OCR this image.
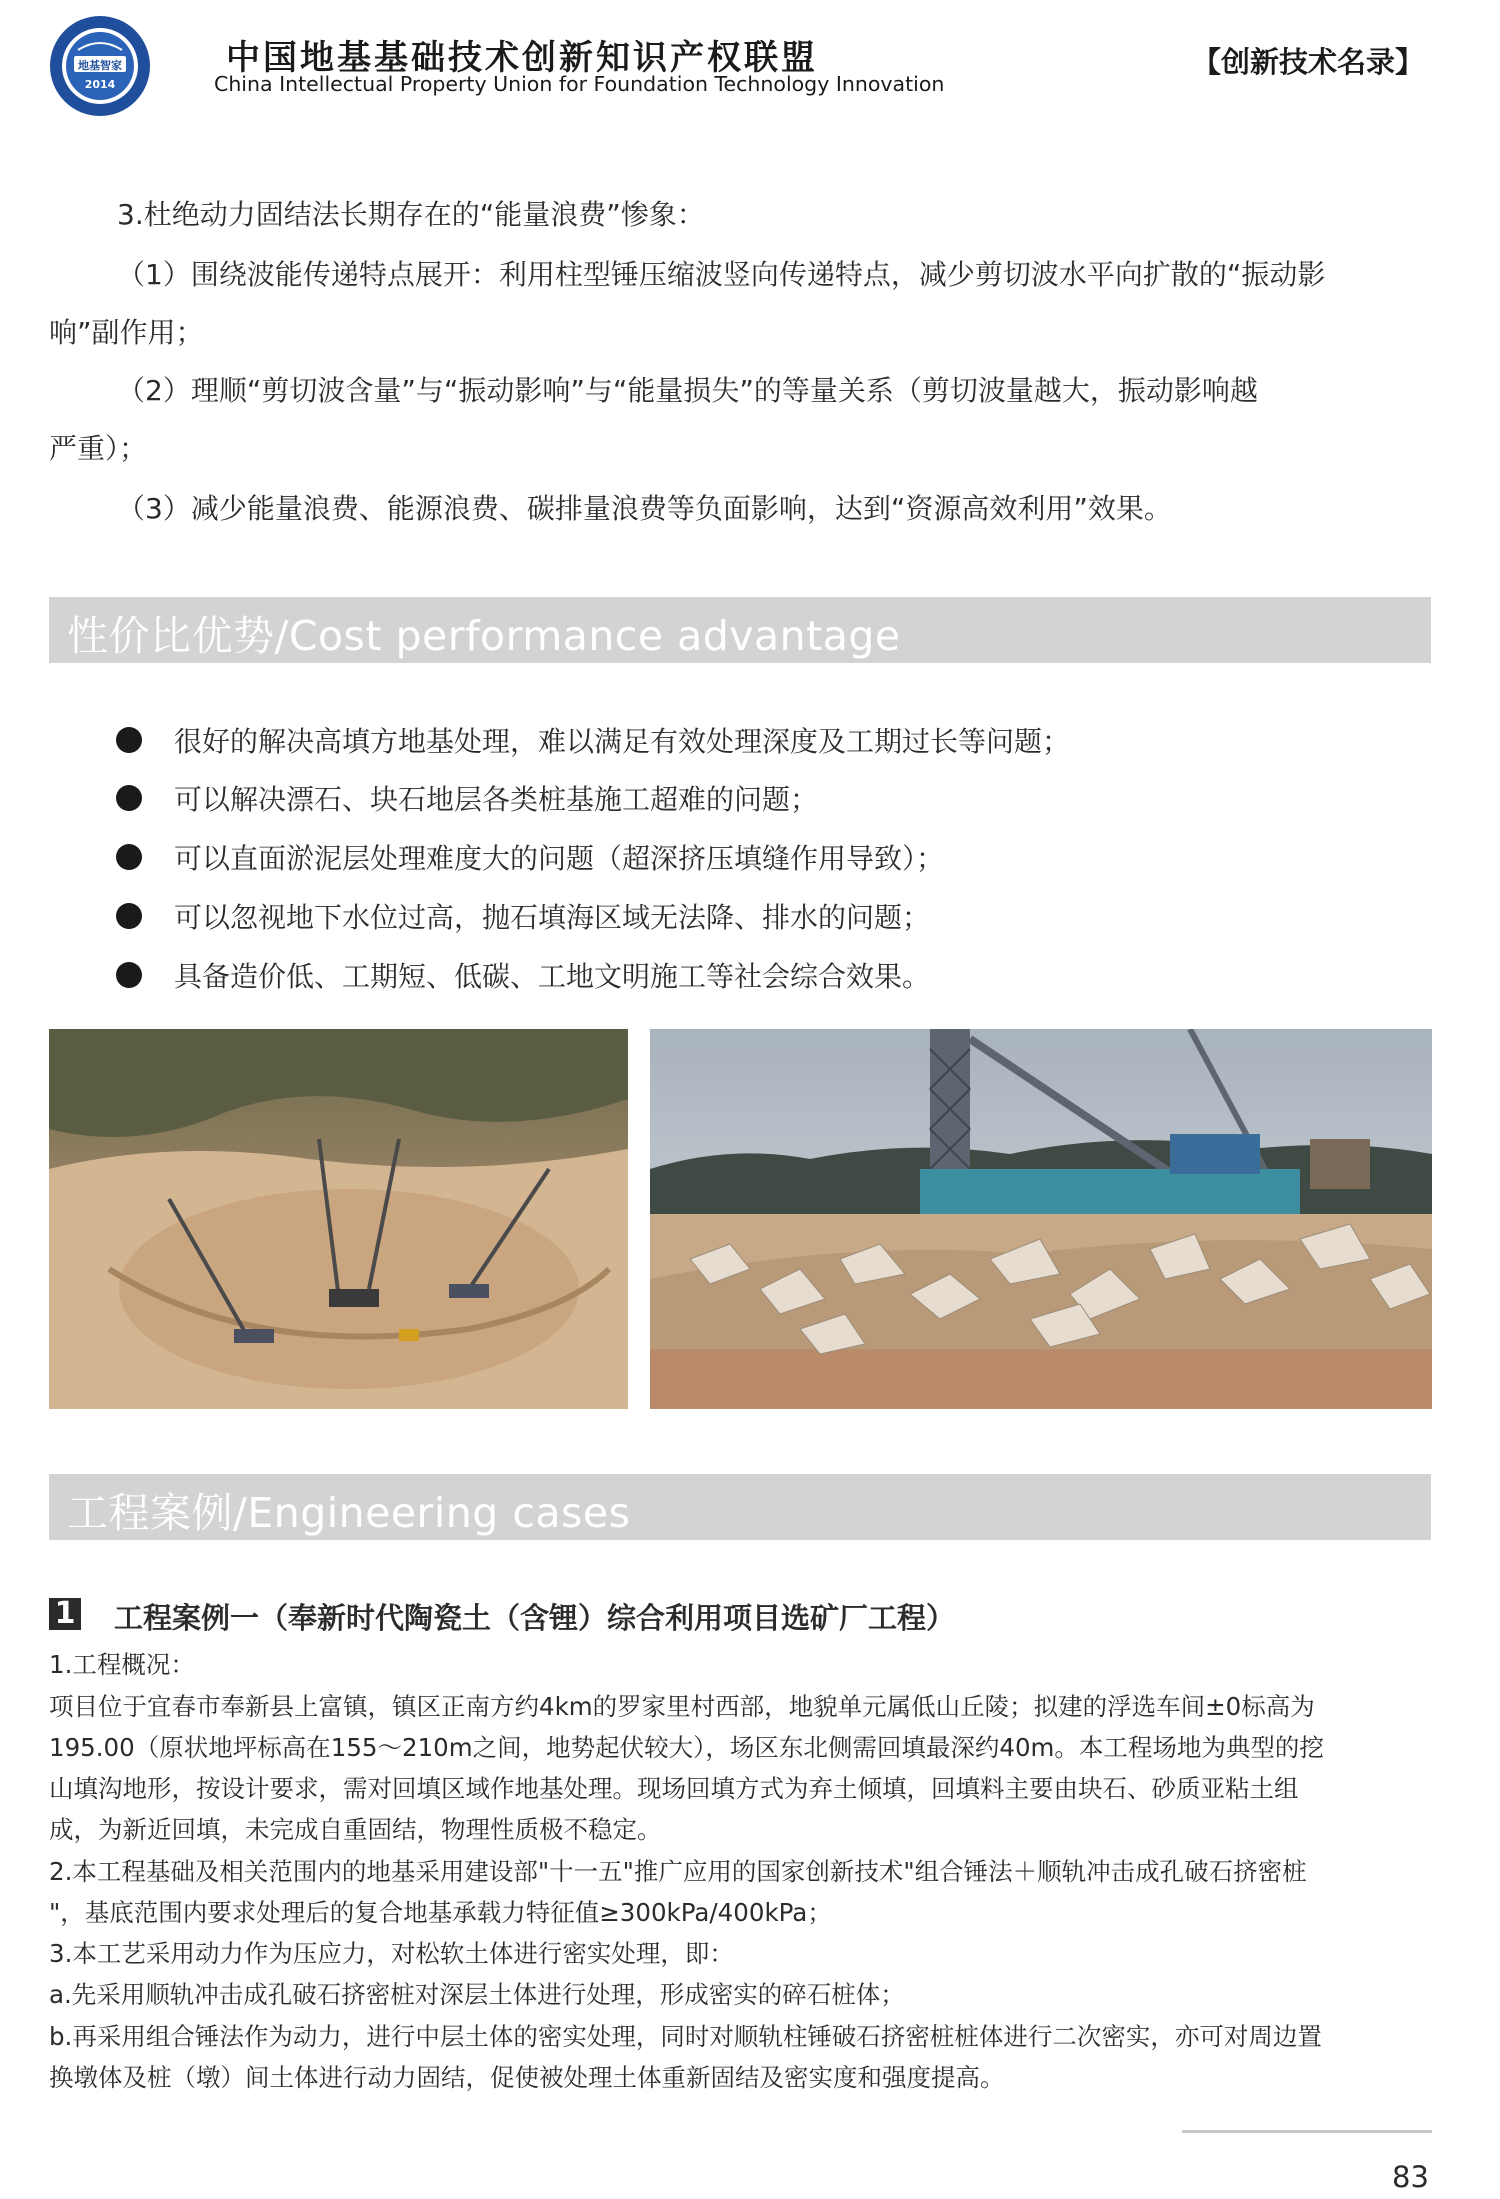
地基智家
2014
中国地基基础技术创新知识产权联盟
China Intellectual Property Union for Foundation Technology Innovation
【创新技术名录】
3.杜绝动力固结法长期存在的“能量浪费”惨象：
（1）围绕波能传递特点展开：利用柱型锤压缩波竖向传递特点，减少剪切波水平向扩散的“振动影
响”副作用；
（2）理顺“剪切波含量”与“振动影响”与“能量损失”的等量关系（剪切波量越大，振动影响越
严重）；
（3）减少能量浪费、能源浪费、碳排量浪费等负面影响，达到“资源高效利用”效果。
性价比优势/Cost performance advantage
很好的解决高填方地基处理，难以满足有效处理深度及工期过长等问题；
可以解决漂石、块石地层各类桩基施工超难的问题；
可以直面淤泥层处理难度大的问题（超深挤压填缝作用导致）；
可以忽视地下水位过高，抛石填海区域无法降、排水的问题；
具备造价低、工期短、低碳、工地文明施工等社会综合效果。
工程案例/Engineering cases
1 工程案例一（奉新时代陶瓷土（含锂）综合利用项目选矿厂工程）
1.工程概况：
项目位于宜春市奉新县上富镇，镇区正南方约4km的罗家里村西部，地貌单元属低山丘陵；拟建的浮选车间±0标高为
195.00（原状地坪标高在155～210m之间，地势起伏较大），场区东北侧需回填最深约40m。本工程场地为典型的挖
山填沟地形，按设计要求，需对回填区域作地基处理。现场回填方式为弃土倾填，回填料主要由块石、砂质亚粘土组
成，为新近回填，未完成自重固结，物理性质极不稳定。
2.本工程基础及相关范围内的地基采用建设部"十一五"推广应用的国家创新技术"组合锤法＋顺轨冲击成孔破石挤密桩
"，基底范围内要求处理后的复合地基承载力特征值≥300kPa/400kPa；
3.本工艺采用动力作为压应力，对松软土体进行密实处理，即：
a.先采用顺轨冲击成孔破石挤密桩对深层土体进行处理，形成密实的碎石桩体；
b.再采用组合锤法作为动力，进行中层土体的密实处理，同时对顺轨柱锤破石挤密桩桩体进行二次密实，亦可对周边置
换墩体及桩（墩）间土体进行动力固结，促使被处理土体重新固结及密实度和强度提高。
83
